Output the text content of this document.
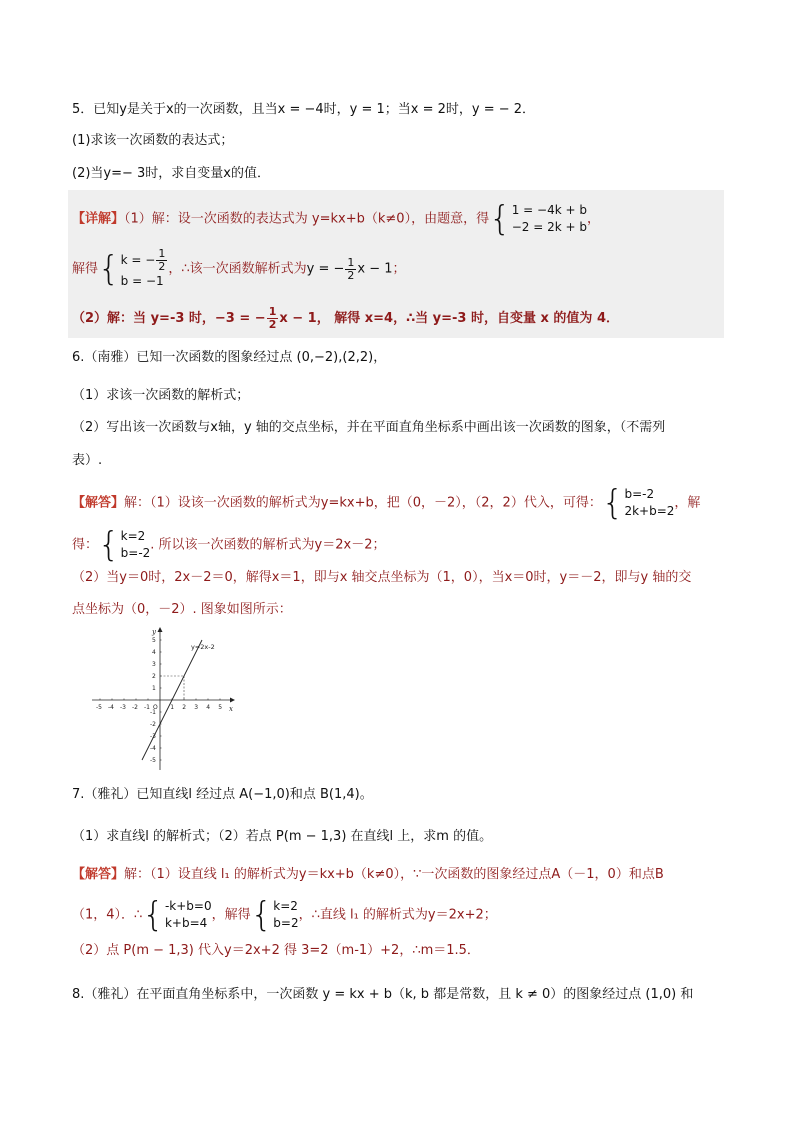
5．已知y是关于x的一次函数，且当x = −4时，y = 1；当x = 2时，y = − 2．
(1)求该一次函数的表达式；
(2)当y=− 3时，求自变量x的值．
【详解】（1）解：设一次函数的表达式为 y=kx+b（k≠0），由题意，得{1 = −4k + b
−2 = 2k + b，
解得{k = − $\frac{1}{2}$

b = −1，∴该一次函数解析式为y = − $\frac{1}{2}$ x − 1；
（2）解：当 y=-3 时，−3 = − $\frac{1}{2}$ x − 1， 解得 x=4，∴当 y=-3 时，自变量 x 的值为 4．
6.（南雅）已知一次函数的图象经过点 (0,−2),(2,2)，
（1）求该一次函数的解析式；
（2）写出该一次函数与x轴，y 轴的交点坐标，并在平面直角坐标系中画出该一次函数的图象，（不需列
表）.
【解答】解：（1）设该一次函数的解析式为y=kx+b，把（0，－2），（2，2）代入，可得：{b=-2
2k+b=2，解
得：{k=2
b=-2. 所以该一次函数的解析式为y＝2x－2；
（2）当y＝0时，2x－2＝0，解得x＝1，即与x 轴交点坐标为（1，0），当x＝0时，y＝－2，即与y 轴的交
点坐标为（0，－2）. 图象如图所示：
7.（雅礼）已知直线l 经过点 A(−1,0)和点 B(1,4)。
（1）求直线l 的解析式；（2）若点 P(m − 1,3) 在直线l 上，求m 的值。
【解答】解：（1）设直线 l₁ 的解析式为y＝kx+b（k≠0），∵一次函数的图象经过点A（－1，0）和点B
（1，4）．∴{-k+b=0
k+b=4，解得{k=2
b=2，∴直线 l₁ 的解析式为y＝2x+2；
（2）点 P(m − 1,3) 代入y＝2x+2 得 3=2（m-1）+2，∴m＝1.5．
8.（雅礼）在平面直角坐标系中，一次函数 y = kx + b（k, b 都是常数，且 k ≠ 0）的图象经过点 (1,0) 和
x
y
O
-5 -4 -3 -2 -1	1 2 3 4 5
5
4
3
2
1
-1
-2
-3
-4
-5
y=2x-2
